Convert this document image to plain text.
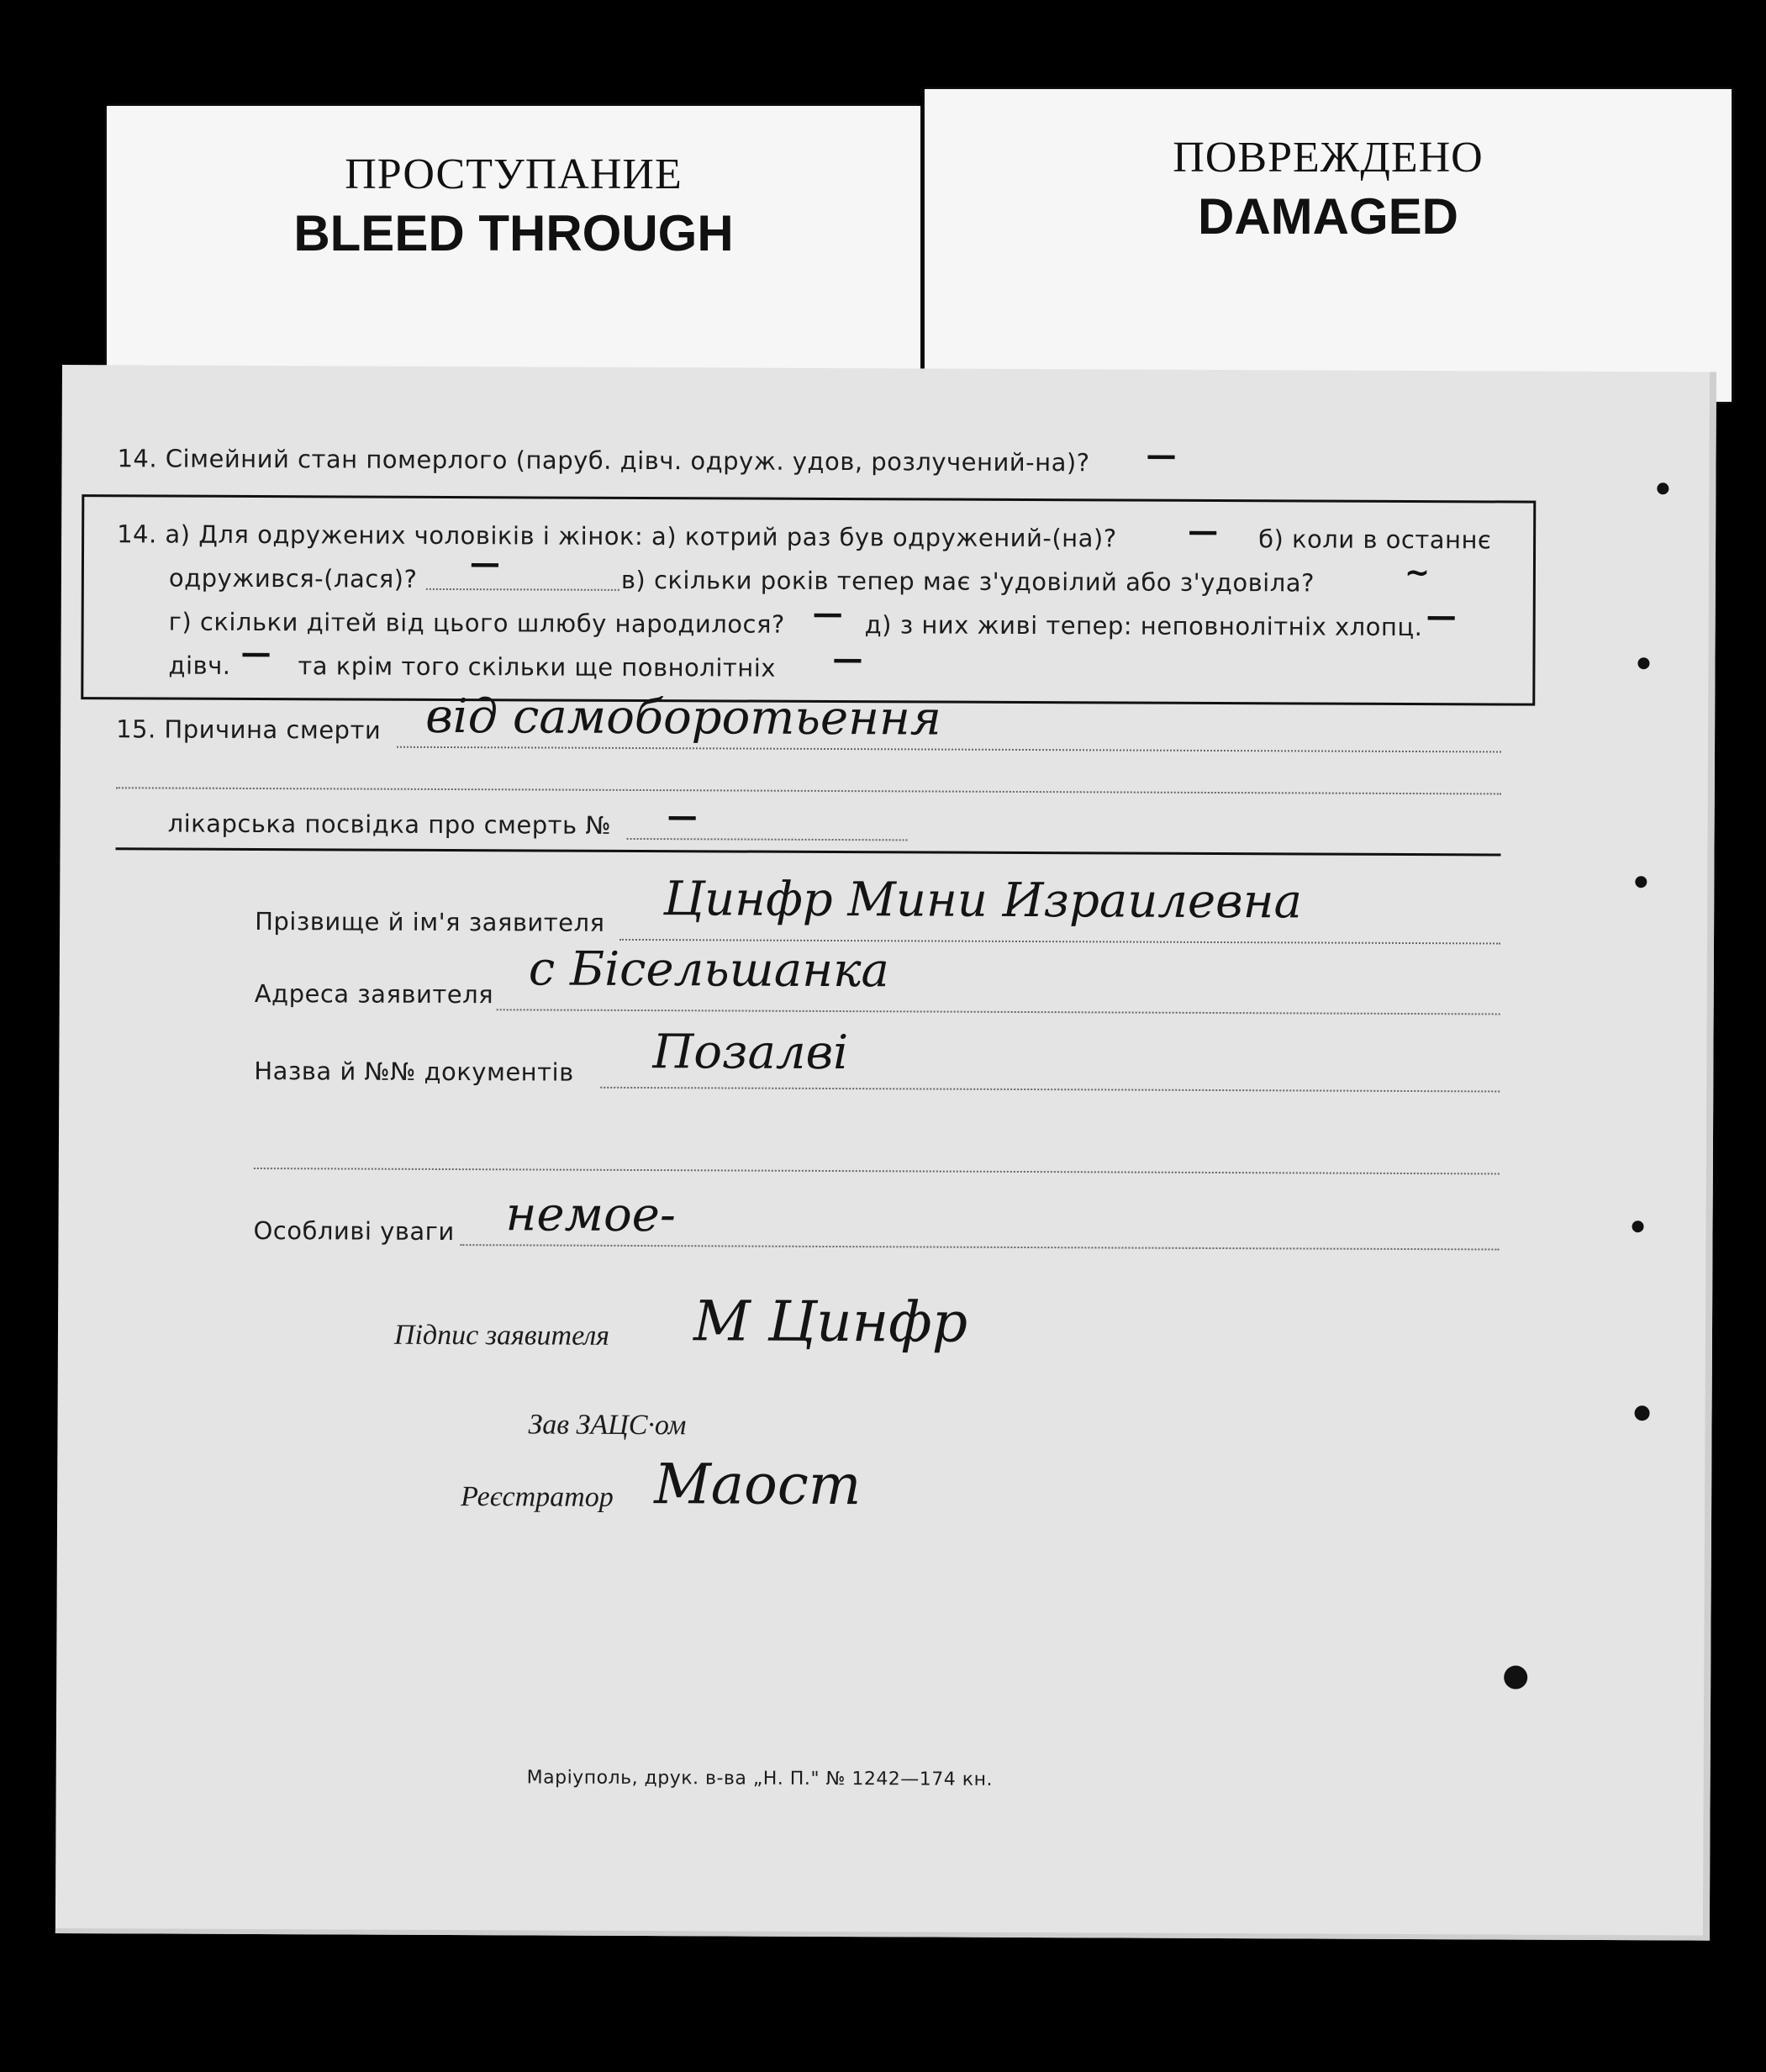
ПРОСТУПАНИЕ
BLEED THROUGH
ПОВРЕЖДЕНО
DAMAGED
14. Сімейний стан померлого (паруб. дівч. одруж. удов, розлучений-на)? —
14. а) Для одружених чоловіків і жінок: а) котрий раз був одружений-(на)? — б) коли в останнє
одружився-(лася)? —
в) скільки років тепер має з'удовілий або з'удовіла?	~
г) скільки дітей від цього шлюбу народилося? — д) з них живі тепер: неповнолітніх хлопц. —
дівч. — та крім того скільки ще повнолітніх —
15. Причина смерти від самоборотьення
лікарська посвідка про смерть № —
Прізвище й ім'я заявителя Цинфр Мини Израилевна
Адреса заявителя с Бісельшанка
Назва й №№ документів Позалві
Особливі уваги немое-
Підпис заявителя М Цинфр
Зав ЗАЦС·ом
Реєстратор Маост
Маріуполь, друк. в-ва „Н. П." № 1242—174 кн.
